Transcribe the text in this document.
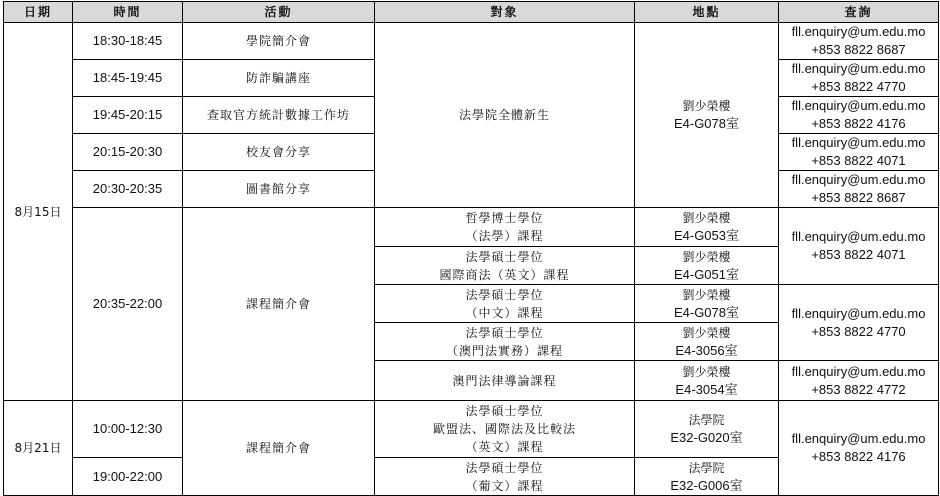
日期	時間	活動	對象	地點	查詢
8月15日	18:30-18:45	學院簡介會	法學院全體新生	劉少榮樓
E4-G078室	fll.enquiry@um.edu.mo
+853 8822 8687

	18:45-19:45	防詐騙講座			fll.enquiry@um.edu.mo
+853 8822 4770

	19:45-20:15	查取官方統計數據工作坊			fll.enquiry@um.edu.mo
+853 8822 4176

	20:15-20:30	校友會分享			fll.enquiry@um.edu.mo
+853 8822 4071

	20:30-20:35	圖書館分享			fll.enquiry@um.edu.mo
+853 8822 8687

	20:35-22:00	課程簡介會	哲學博士學位
（法學）課程	劉少榮樓
E4-G053室	fll.enquiry@um.edu.mo
+853 8822 4071

			法學碩士學位
國際商法（英文）課程	劉少榮樓
E4-G051室	

			法學碩士學位
（中文）課程	劉少榮樓
E4-G078室	fll.enquiry@um.edu.mo
+853 8822 4770

			法學碩士學位
（澳門法實務）課程	劉少榮樓
E4-3056室	

			澳門法律導論課程	劉少榮樓
E4-3054室	fll.enquiry@um.edu.mo
+853 8822 4772

8月21日	10:00-12:30	課程簡介會	法學碩士學位
歐盟法、國際法及比較法
（英文）課程	法學院
E32-G020室	fll.enquiry@um.edu.mo
+853 8822 4176

	19:00-22:00		法學碩士學位
（葡文）課程	法學院
E32-G006室	
